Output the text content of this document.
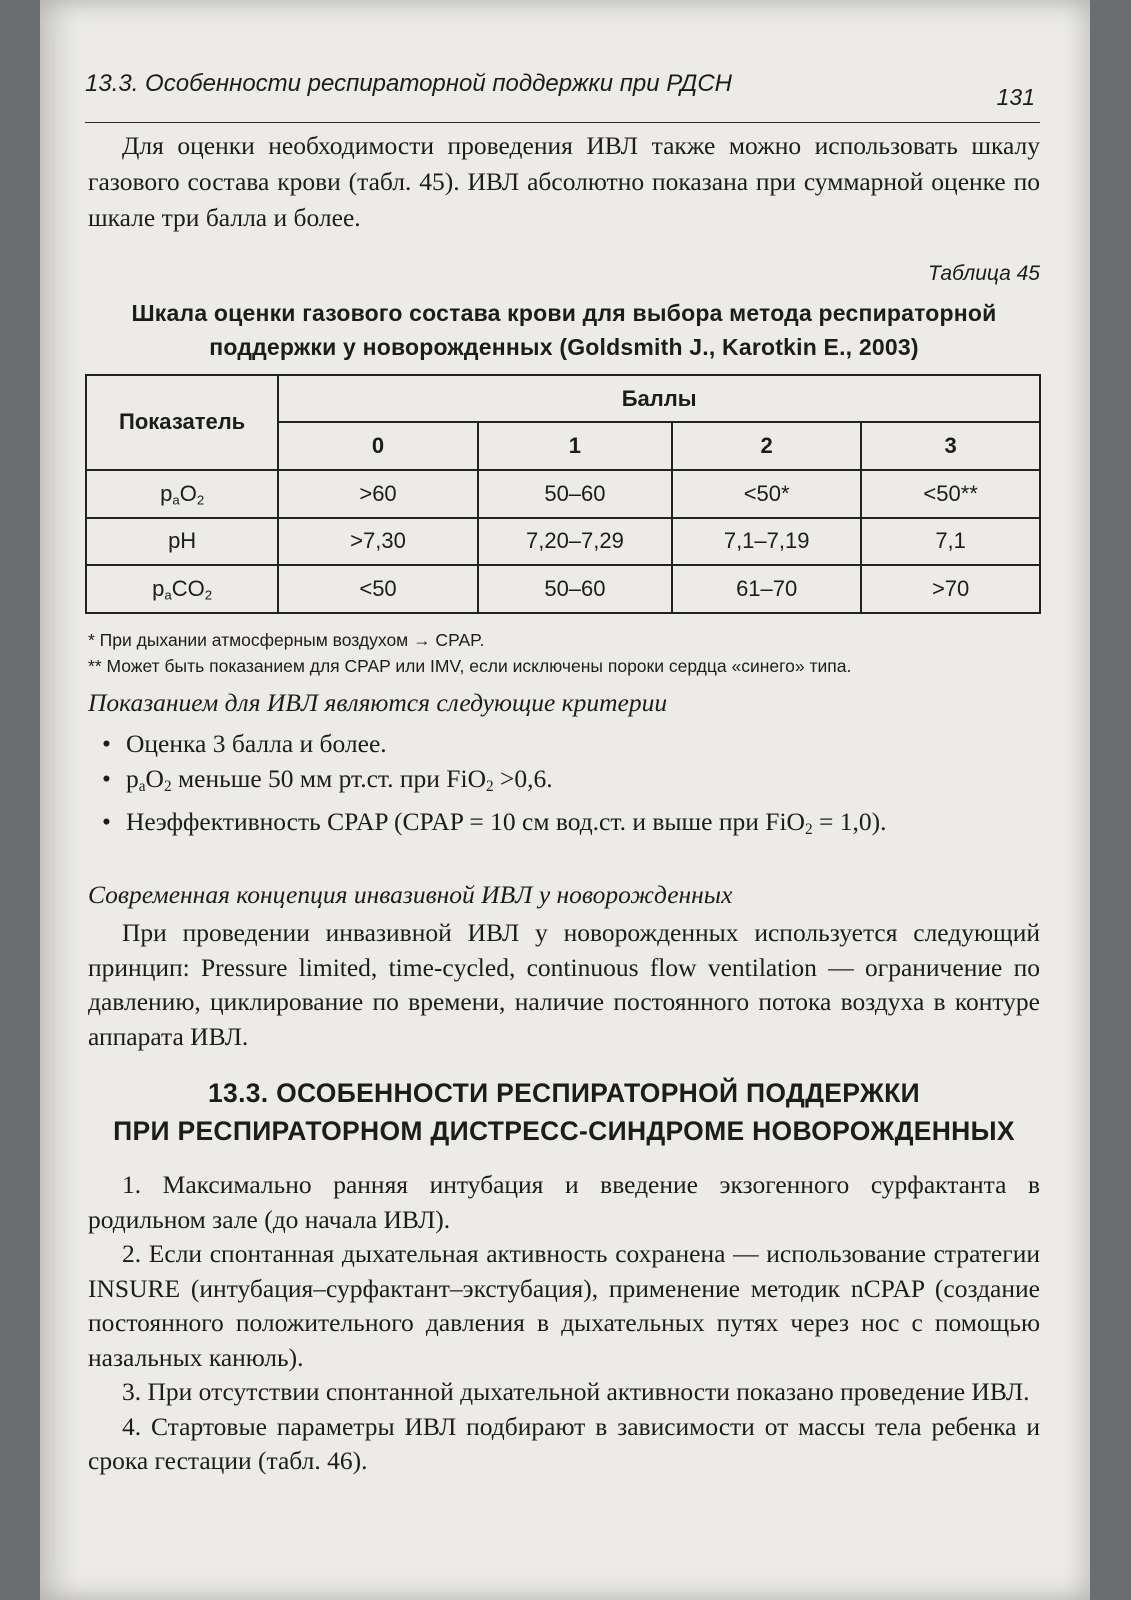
13.3. Особенности респираторной поддержки при РДСН	131

Для оценки необходимости проведения ИВЛ также можно использовать шкалу газового состава крови (табл. 45). ИВЛ абсолютно показана при суммарной оценке по шкале три балла и более.

Таблица 45
Шкала оценки газового состава крови для выбора метода респираторной поддержки у новорожденных (Goldsmith J., Karotkin E., 2003)
Показатель	Баллы			
	0	1	2	3
$p_aO_2$	>60	50–60	<50*	<50**
pH	>7,30	7,20–7,29	7,1–7,19	7,1
$p_aCO_2$	<50	50–60	61–70	>70
* При дыхании атмосферным воздухом → CPAP.
** Может быть показанием для CPAP или IMV, если исключены пороки сердца «синего» типа.
Показанием для ИВЛ являются следующие критерии
• Оценка 3 балла и более.
• $p_aO_2$ меньше 50 мм рт.ст. при FiO$_2$ >0,6.
• Неэффективность CPAP (CPAP = 10 см вод.ст. и выше при FiO$_2$ = 1,0).
Современная концепция инвазивной ИВЛ у новорожденных

При проведении инвазивной ИВЛ у новорожденных используется следующий принцип: Pressure limited, time-cycled, continuous flow ventilation — ограничение по давлению, циклирование по времени, наличие постоянного потока воздуха в контуре аппарата ИВЛ.

13.3. ОСОБЕННОСТИ РЕСПИРАТОРНОЙ ПОДДЕРЖКИ
ПРИ РЕСПИРАТОРНОМ ДИСТРЕСС-СИНДРОМЕ НОВОРОЖДЕННЫХ

1. Максимально ранняя интубация и введение экзогенного сурфактанта в родильном зале (до начала ИВЛ).

2. Если спонтанная дыхательная активность сохранена — использование стратегии INSURE (интубация–сурфактант–экстубация), применение методик nCPAP (создание постоянного положительного давления в дыхательных путях через нос с помощью назальных канюль).

3. При отсутствии спонтанной дыхательной активности показано проведение ИВЛ.

4. Стартовые параметры ИВЛ подбирают в зависимости от массы тела ребенка и срока гестации (табл. 46).
